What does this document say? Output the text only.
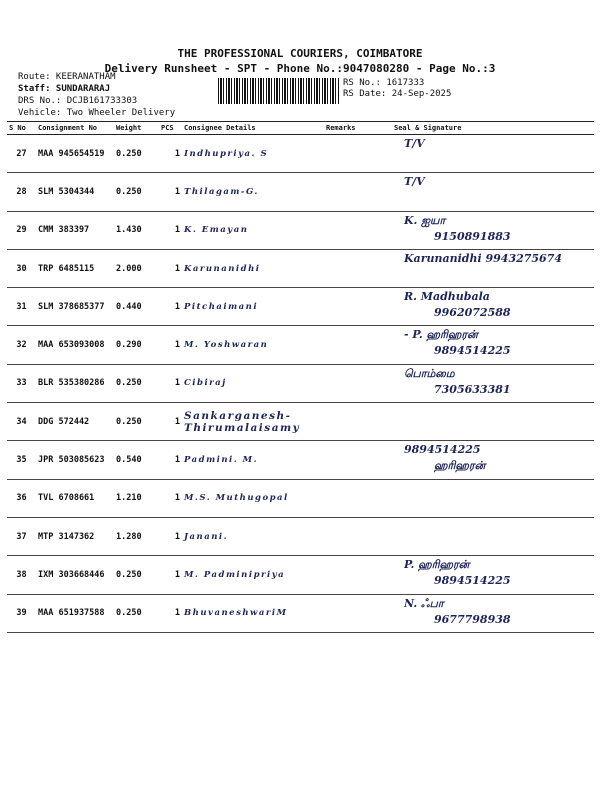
THE PROFESSIONAL COURIERS, COIMBATORE
Delivery Runsheet - SPT - Phone No.:9047080280 - Page No.:3
Route: KEERANATHAM
Staff: SUNDARARAJ
DRS No.: DCJB161733303
Vehicle: Two Wheeler Delivery
RS No.: 1617333
RS Date: 24-Sep-2025
S No	Consignment No	Weight	PCS	Consignee Details	Remarks	Seal & Signature
27	MAA 945654519	0.250	1	Indhupriya. S		T/V

28	SLM 5304344	0.250	1	Thilagam-G.		T/V

29	CMM 383397	1.430	1	K. Emayan		K. ஐயா
9150891883

30	TRP 6485115	2.000	1	Karunanidhi		Karunanidhi 9943275674

31	SLM 378685377	0.440	1	Pitchaimani		R. Madhubala
9962072588

32	MAA 653093008	0.290	1	M. Yoshwaran		- P. ஹரிஹரன்
9894514225

33	BLR 535380286	0.250	1	Cibiraj		பொம்மை
7305633381

34	DDG 572442	0.250	1	Sankarganesh-
Thirumalaisamy		

35	JPR 503085623	0.540	1	Padmini. M.		9894514225
ஹரிஹரன்

36	TVL 6708661	1.210	1	M.S. Muthugopal		

37	MTP 3147362	1.280	1	Janani.		

38	IXM 303668446	0.250	1	M. Padminipriya		P. ஹரிஹரன்
9894514225

39	MAA 651937588	0.250	1	BhuvaneshwariM		N. ஃபா
9677798938
